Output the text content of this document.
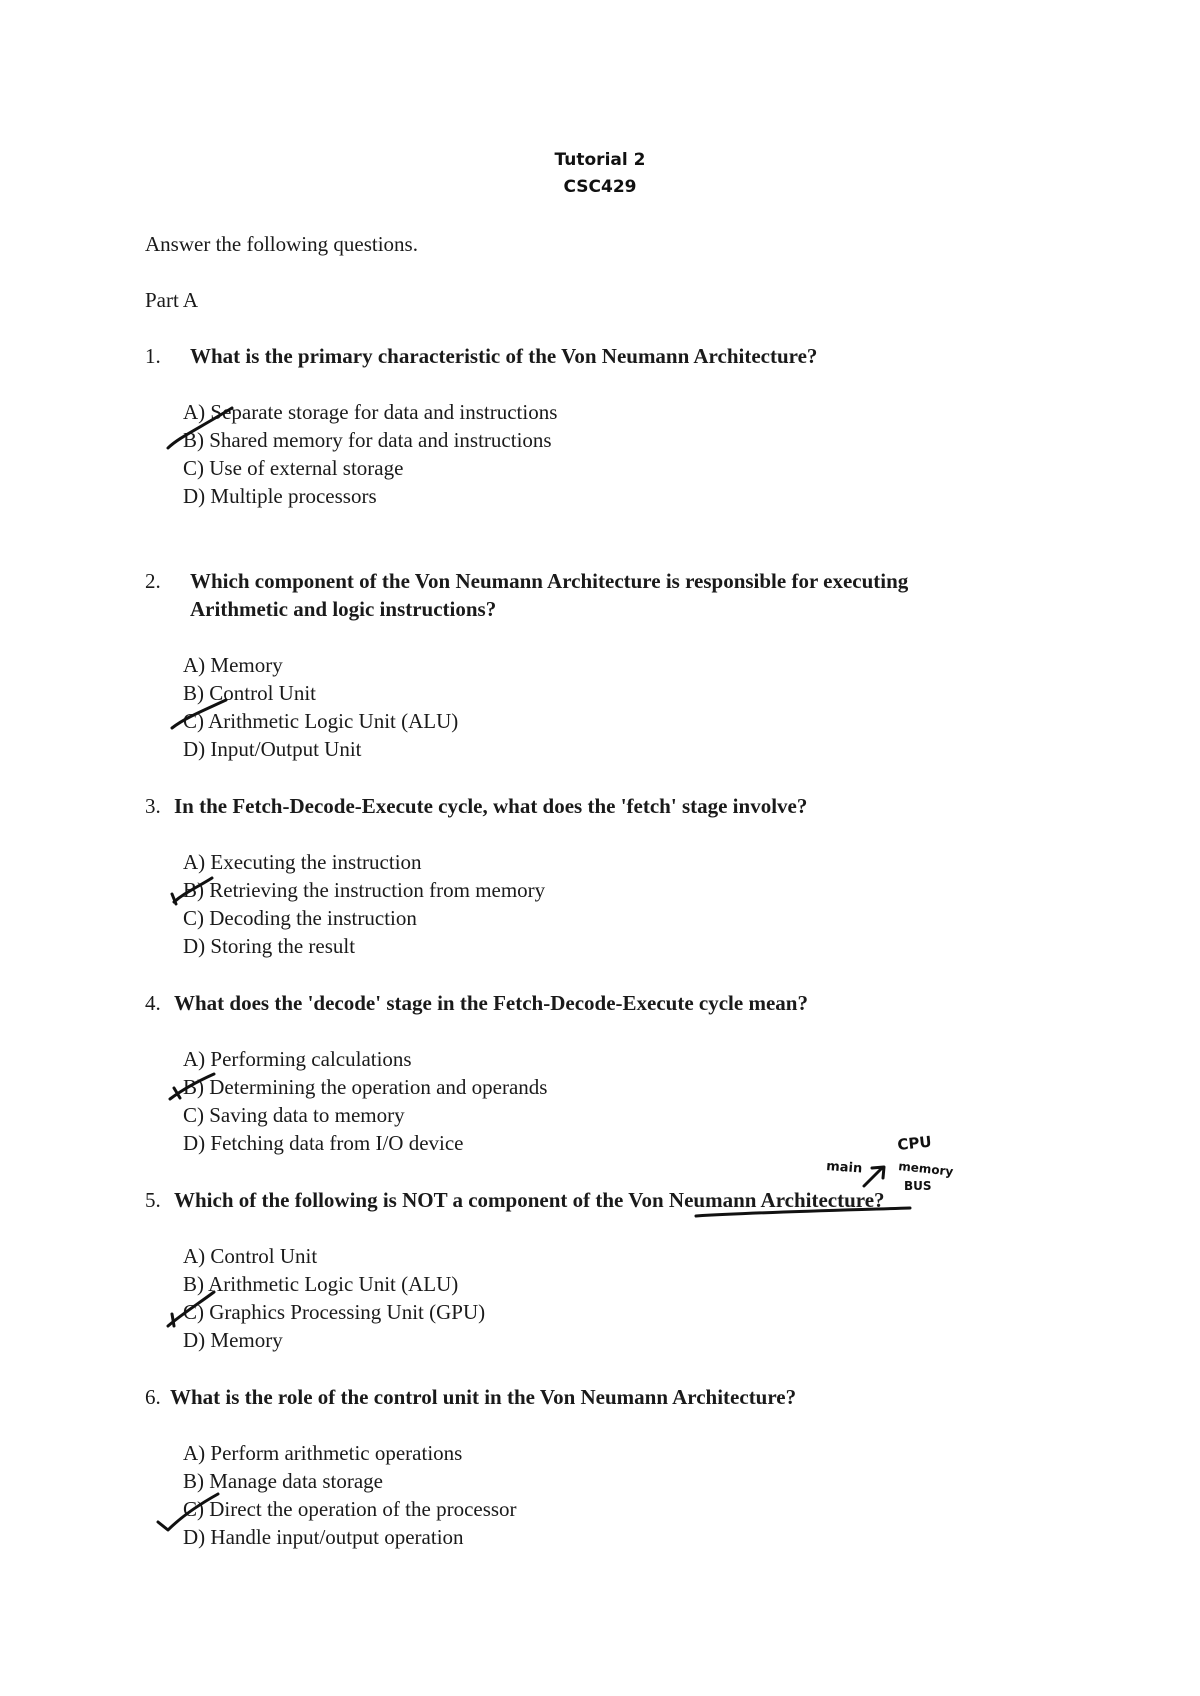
Tutorial 2
CSC429
Answer the following questions.
Part A
1. What is the primary characteristic of the Von Neumann Architecture?
A) Separate storage for data and instructions
B) Shared memory for data and instructions
C) Use of external storage
D) Multiple processors
2. Which component of the Von Neumann Architecture is responsible for executing
Arithmetic and logic instructions?
A) Memory
B) Control Unit
C) Arithmetic Logic Unit (ALU)
D) Input/Output Unit
3. In the Fetch-Decode-Execute cycle, what does the 'fetch' stage involve?
A) Executing the instruction
B) Retrieving the instruction from memory
C) Decoding the instruction
D) Storing the result
4. What does the 'decode' stage in the Fetch-Decode-Execute cycle mean?
A) Performing calculations
B) Determining the operation and operands
C) Saving data to memory
D) Fetching data from I/O device
5. Which of the following is NOT a component of the Von Neumann Architecture?
A) Control Unit
B) Arithmetic Logic Unit (ALU)
C) Graphics Processing Unit (GPU)
D) Memory
6. What is the role of the control unit in the Von Neumann Architecture?
A) Perform arithmetic operations
B) Manage data storage
C) Direct the operation of the processor
D) Handle input/output operation
main
CPU
memory
BUS
